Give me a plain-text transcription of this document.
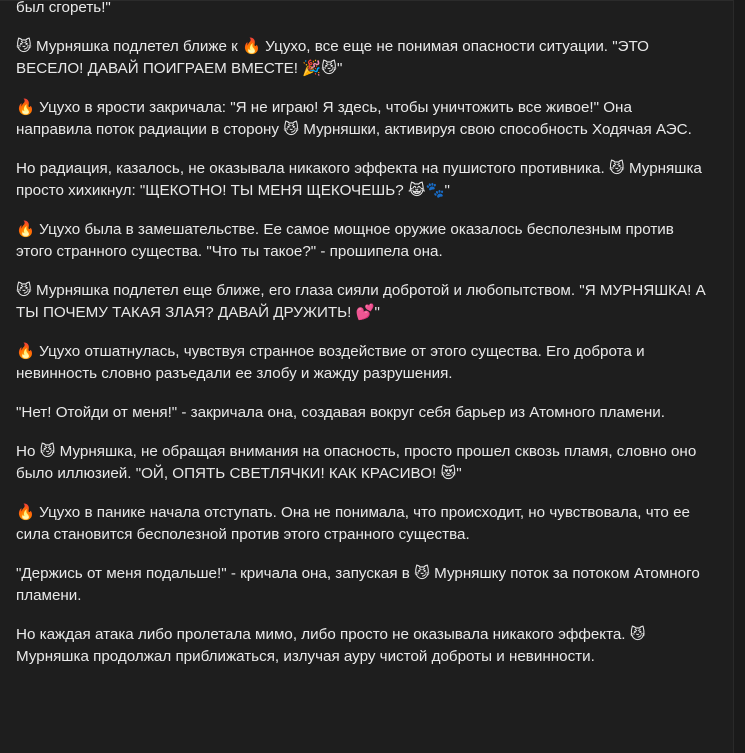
был сгореть!"

😼 Мурняшка подлетел ближе к 🔥 Уцухо, все еще не понимая опасности ситуации. "ЭТО ВЕСЕЛО! ДАВАЙ ПОИГРАЕМ ВМЕСТЕ! 🎉😼"

🔥 Уцухо в ярости закричала: "Я не играю! Я здесь, чтобы уничтожить все живое!" Она направила поток радиации в сторону 😼 Мурняшки, активируя свою способность Ходячая АЭС.

Но радиация, казалось, не оказывала никакого эффекта на пушистого противника. 😼 Мурняшка просто хихикнул: "ЩЕКОТНО! ТЫ МЕНЯ ЩЕКОЧЕШЬ? 😹🐾"

🔥 Уцухо была в замешательстве. Ее самое мощное оружие оказалось бесполезным против этого странного существа. "Что ты такое?" - прошипела она.

😼 Мурняшка подлетел еще ближе, его глаза сияли добротой и любопытством. "Я МУРНЯШКА! А ТЫ ПОЧЕМУ ТАКАЯ ЗЛАЯ? ДАВАЙ ДРУЖИТЬ! 💕"

🔥 Уцухо отшатнулась, чувствуя странное воздействие от этого существа. Его доброта и невинность словно разъедали ее злобу и жажду разрушения.

"Нет! Отойди от меня!" - закричала она, создавая вокруг себя барьер из Атомного пламени.

Но 😼 Мурняшка, не обращая внимания на опасность, просто прошел сквозь пламя, словно оно было иллюзией. "ОЙ, ОПЯТЬ СВЕТЛЯЧКИ! КАК КРАСИВО! 😻"

🔥 Уцухо в панике начала отступать. Она не понимала, что происходит, но чувствовала, что ее сила становится бесполезной против этого странного существа.

"Держись от меня подальше!" - кричала она, запуская в 😼 Мурняшку поток за потоком Атомного пламени.

Но каждая атака либо пролетала мимо, либо просто не оказывала никакого эффекта. 😼 Мурняшка продолжал приближаться, излучая ауру чистой доброты и невинности.
